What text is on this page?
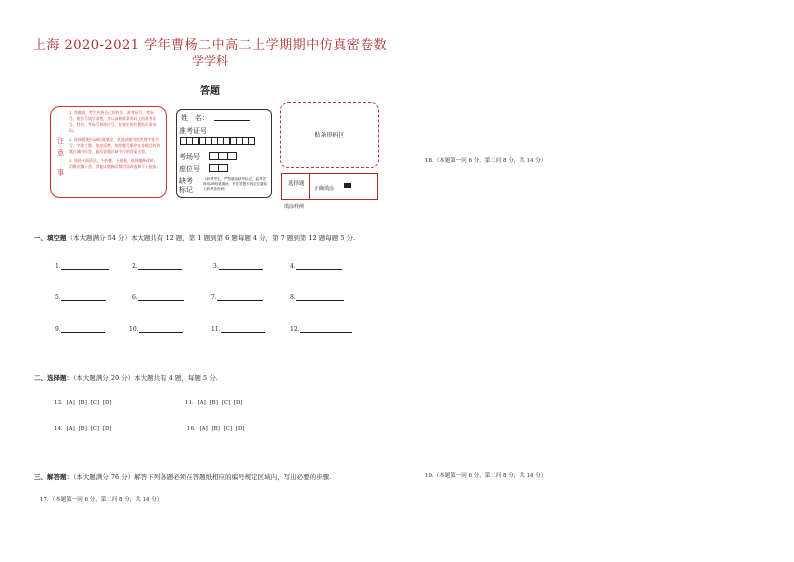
上海 2020-2021 学年曹杨二中高二上学期期中仿真密卷数
学学科
答题
注
意
事

1. 答题前，考生先将自己的姓名、准考证号、考场号、座位号填写清楚，并认真核准条形码上的准考证号、姓名、考场号和座位号，在规定的位置贴好条形码。

2. 选择题使用2B铅笔填涂，其他试题用黑色签字笔书写，字体工整、笔迹清楚，按照题号顺序在各题目的答题区域内作答，超出答题区域书写的答案无效。

3. 保持卡面清洁，不折叠，不破损。选择题修改时，用橡皮擦干净，其他试题修改禁用涂改液和不干胶条。

姓　名：
准考证号
考场号
座位号
缺考
标记
（缺考考生，严禁填涂缺考标记，监考老师用2B铅笔填涂，并在答题卡规定位置贴上缺考条形码）
贴条形码区
选择题
正确填涂
填涂样例
一、填空题（本大题满分 54 分）本大题共有 12 题，第 1 题到第 6 题每题 4 分，第 7 题到第 12 题每题 5 分.
1.	2.	3.	4.
5.	6.	7.	8.
9.	10.	11.	12.
二、选择题：（本大题满分 20 分）本大题共有 4 题，每题 5 分.
13. [A] [B] [C] [D]	11. [A] [B] [C] [D]
14. [A] [B] [C] [D]	16. [A] [B] [C] [D]
三、解答题：（本大题满分 76 分）解答下列各题必须在答题纸相应的编号规定区域内，写出必要的步骤.
17．（本题第一问 6 分，第二问 8 分，共 14 分）
18.（本题第一问 6 分，第二问 8 分，共 14 分）
19.（本题第一问 6 分，第二问 8 分，共 14 分）
